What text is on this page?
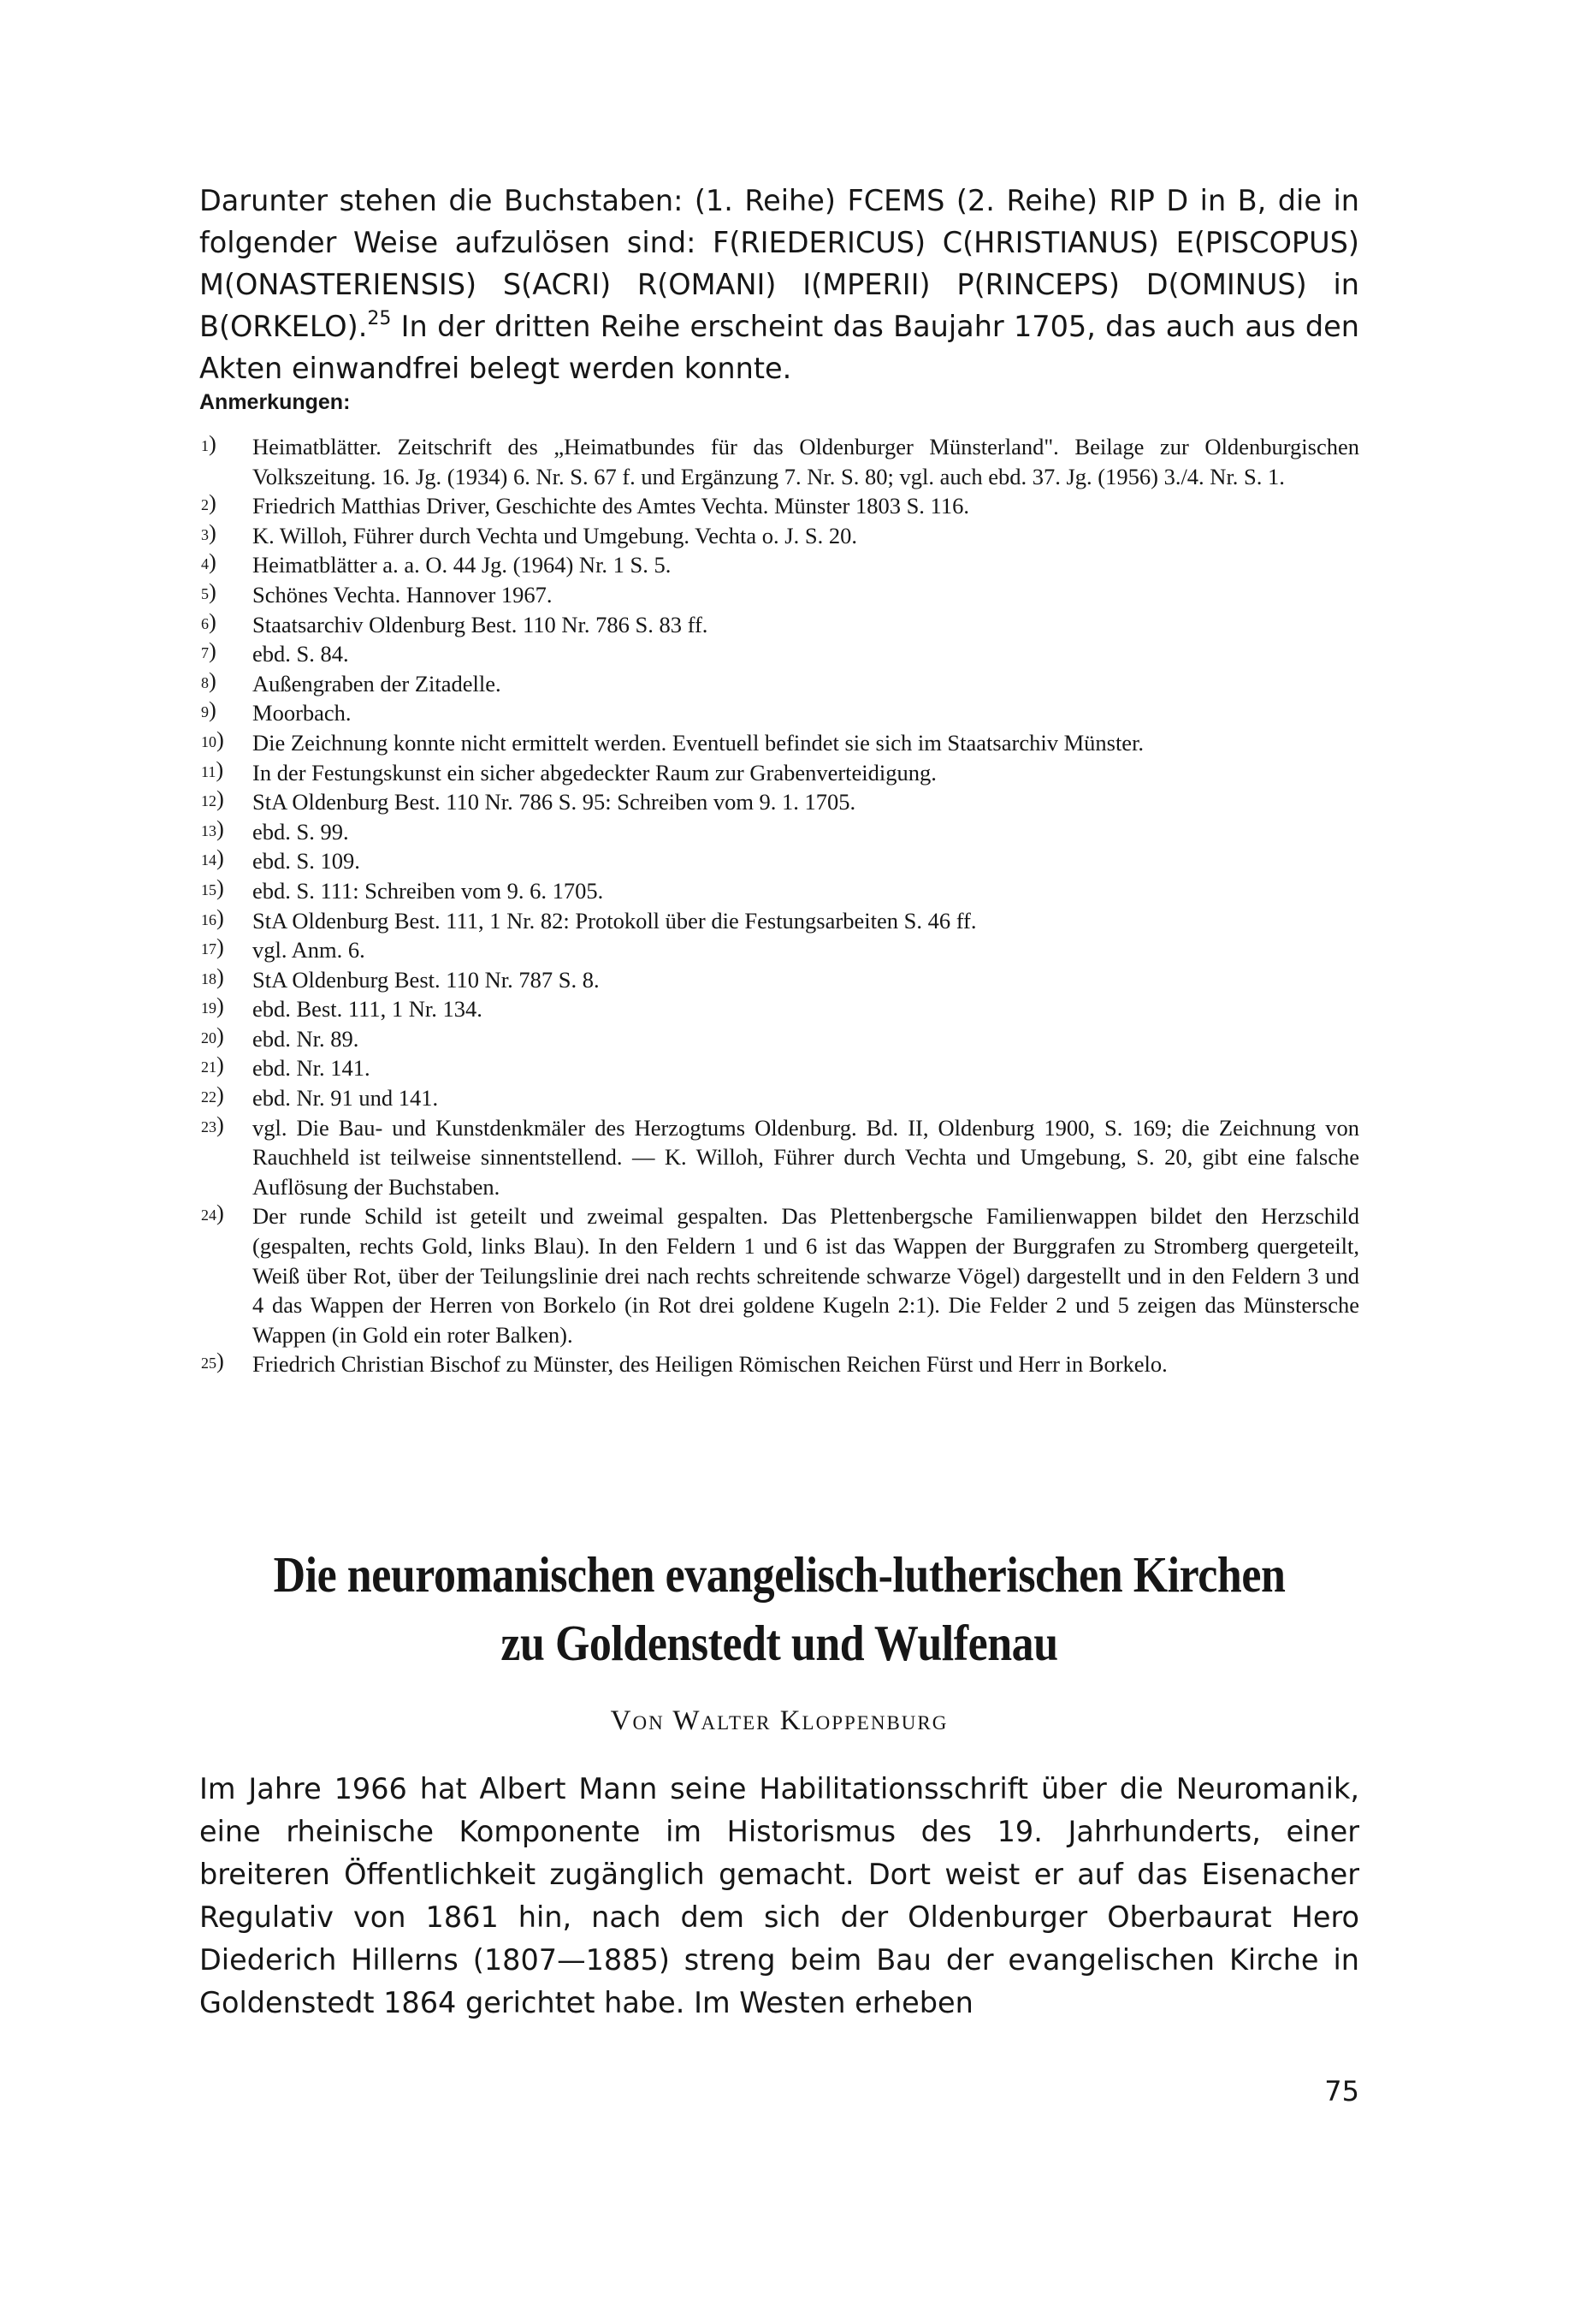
Darunter stehen die Buchstaben: (1. Reihe) FCEMS (2. Reihe) RIP D in B, die in folgender Weise aufzulösen sind: F(RIEDERICUS) C(HRISTIANUS) E(PISCOPUS) M(ONASTERIENSIS) S(ACRI) R(OMANI) I(MPERII) P(RINCEPS) D(OMINUS) in B(ORKELO).$^{25}$ In der dritten Reihe erscheint das Baujahr 1705, das auch aus den Akten einwandfrei belegt werden konnte.

Anmerkungen:
1)	Heimatblätter. Zeitschrift des „Heimatbundes für das Oldenburger Münsterland". Beilage zur Oldenburgischen Volkszeitung. 16. Jg. (1934) 6. Nr. S. 67 f. und Ergänzung 7. Nr. S. 80; vgl. auch ebd. 37. Jg. (1956) 3./4. Nr. S. 1.
2)	Friedrich Matthias Driver, Geschichte des Amtes Vechta. Münster 1803 S. 116.
3)	K. Willoh, Führer durch Vechta und Umgebung. Vechta o. J. S. 20.
4)	Heimatblätter a. a. O. 44 Jg. (1964) Nr. 1 S. 5.
5)	Schönes Vechta. Hannover 1967.
6)	Staatsarchiv Oldenburg Best. 110 Nr. 786 S. 83 ff.
7)	ebd. S. 84.
8)	Außengraben der Zitadelle.
9)	Moorbach.
10)	Die Zeichnung konnte nicht ermittelt werden. Eventuell befindet sie sich im Staatsarchiv Münster.
11)	In der Festungskunst ein sicher abgedeckter Raum zur Grabenverteidigung.
12)	StA Oldenburg Best. 110 Nr. 786 S. 95: Schreiben vom 9. 1. 1705.
13)	ebd. S. 99.
14)	ebd. S. 109.
15)	ebd. S. 111: Schreiben vom 9. 6. 1705.
16)	StA Oldenburg Best. 111, 1 Nr. 82: Protokoll über die Festungsarbeiten S. 46 ff.
17)	vgl. Anm. 6.
18)	StA Oldenburg Best. 110 Nr. 787 S. 8.
19)	ebd. Best. 111, 1 Nr. 134.
20)	ebd. Nr. 89.
21)	ebd. Nr. 141.
22)	ebd. Nr. 91 und 141.
23)	vgl. Die Bau- und Kunstdenkmäler des Herzogtums Oldenburg. Bd. II, Oldenburg 1900, S. 169; die Zeichnung von Rauchheld ist teilweise sinnentstellend. — K. Willoh, Führer durch Vechta und Umgebung, S. 20, gibt eine falsche Auflösung der Buchstaben.
24)	Der runde Schild ist geteilt und zweimal gespalten. Das Plettenbergsche Familienwappen bildet den Herzschild (gespalten, rechts Gold, links Blau). In den Feldern 1 und 6 ist das Wappen der Burggrafen zu Stromberg quergeteilt, Weiß über Rot, über der Teilungslinie drei nach rechts schreitende schwarze Vögel) dargestellt und in den Feldern 3 und 4 das Wappen der Herren von Borkelo (in Rot drei goldene Kugeln 2:1). Die Felder 2 und 5 zeigen das Münstersche Wappen (in Gold ein roter Balken).
25)	Friedrich Christian Bischof zu Münster, des Heiligen Römischen Reichen Fürst und Herr in Borkelo.
Die neuromanischen evangelisch-lutherischen Kirchen
zu Goldenstedt und Wulfenau
Von Walter Kloppenburg

Im Jahre 1966 hat Albert Mann seine Habilitationsschrift über die Neuromanik, eine rheinische Komponente im Historismus des 19. Jahrhunderts, einer breiteren Öffentlichkeit zugänglich gemacht. Dort weist er auf das Eisenacher Regulativ von 1861 hin, nach dem sich der Oldenburger Oberbaurat Hero Diederich Hillerns (1807—1885) streng beim Bau der evangelischen Kirche in Goldenstedt 1864 gerichtet habe. Im Westen erheben

75
